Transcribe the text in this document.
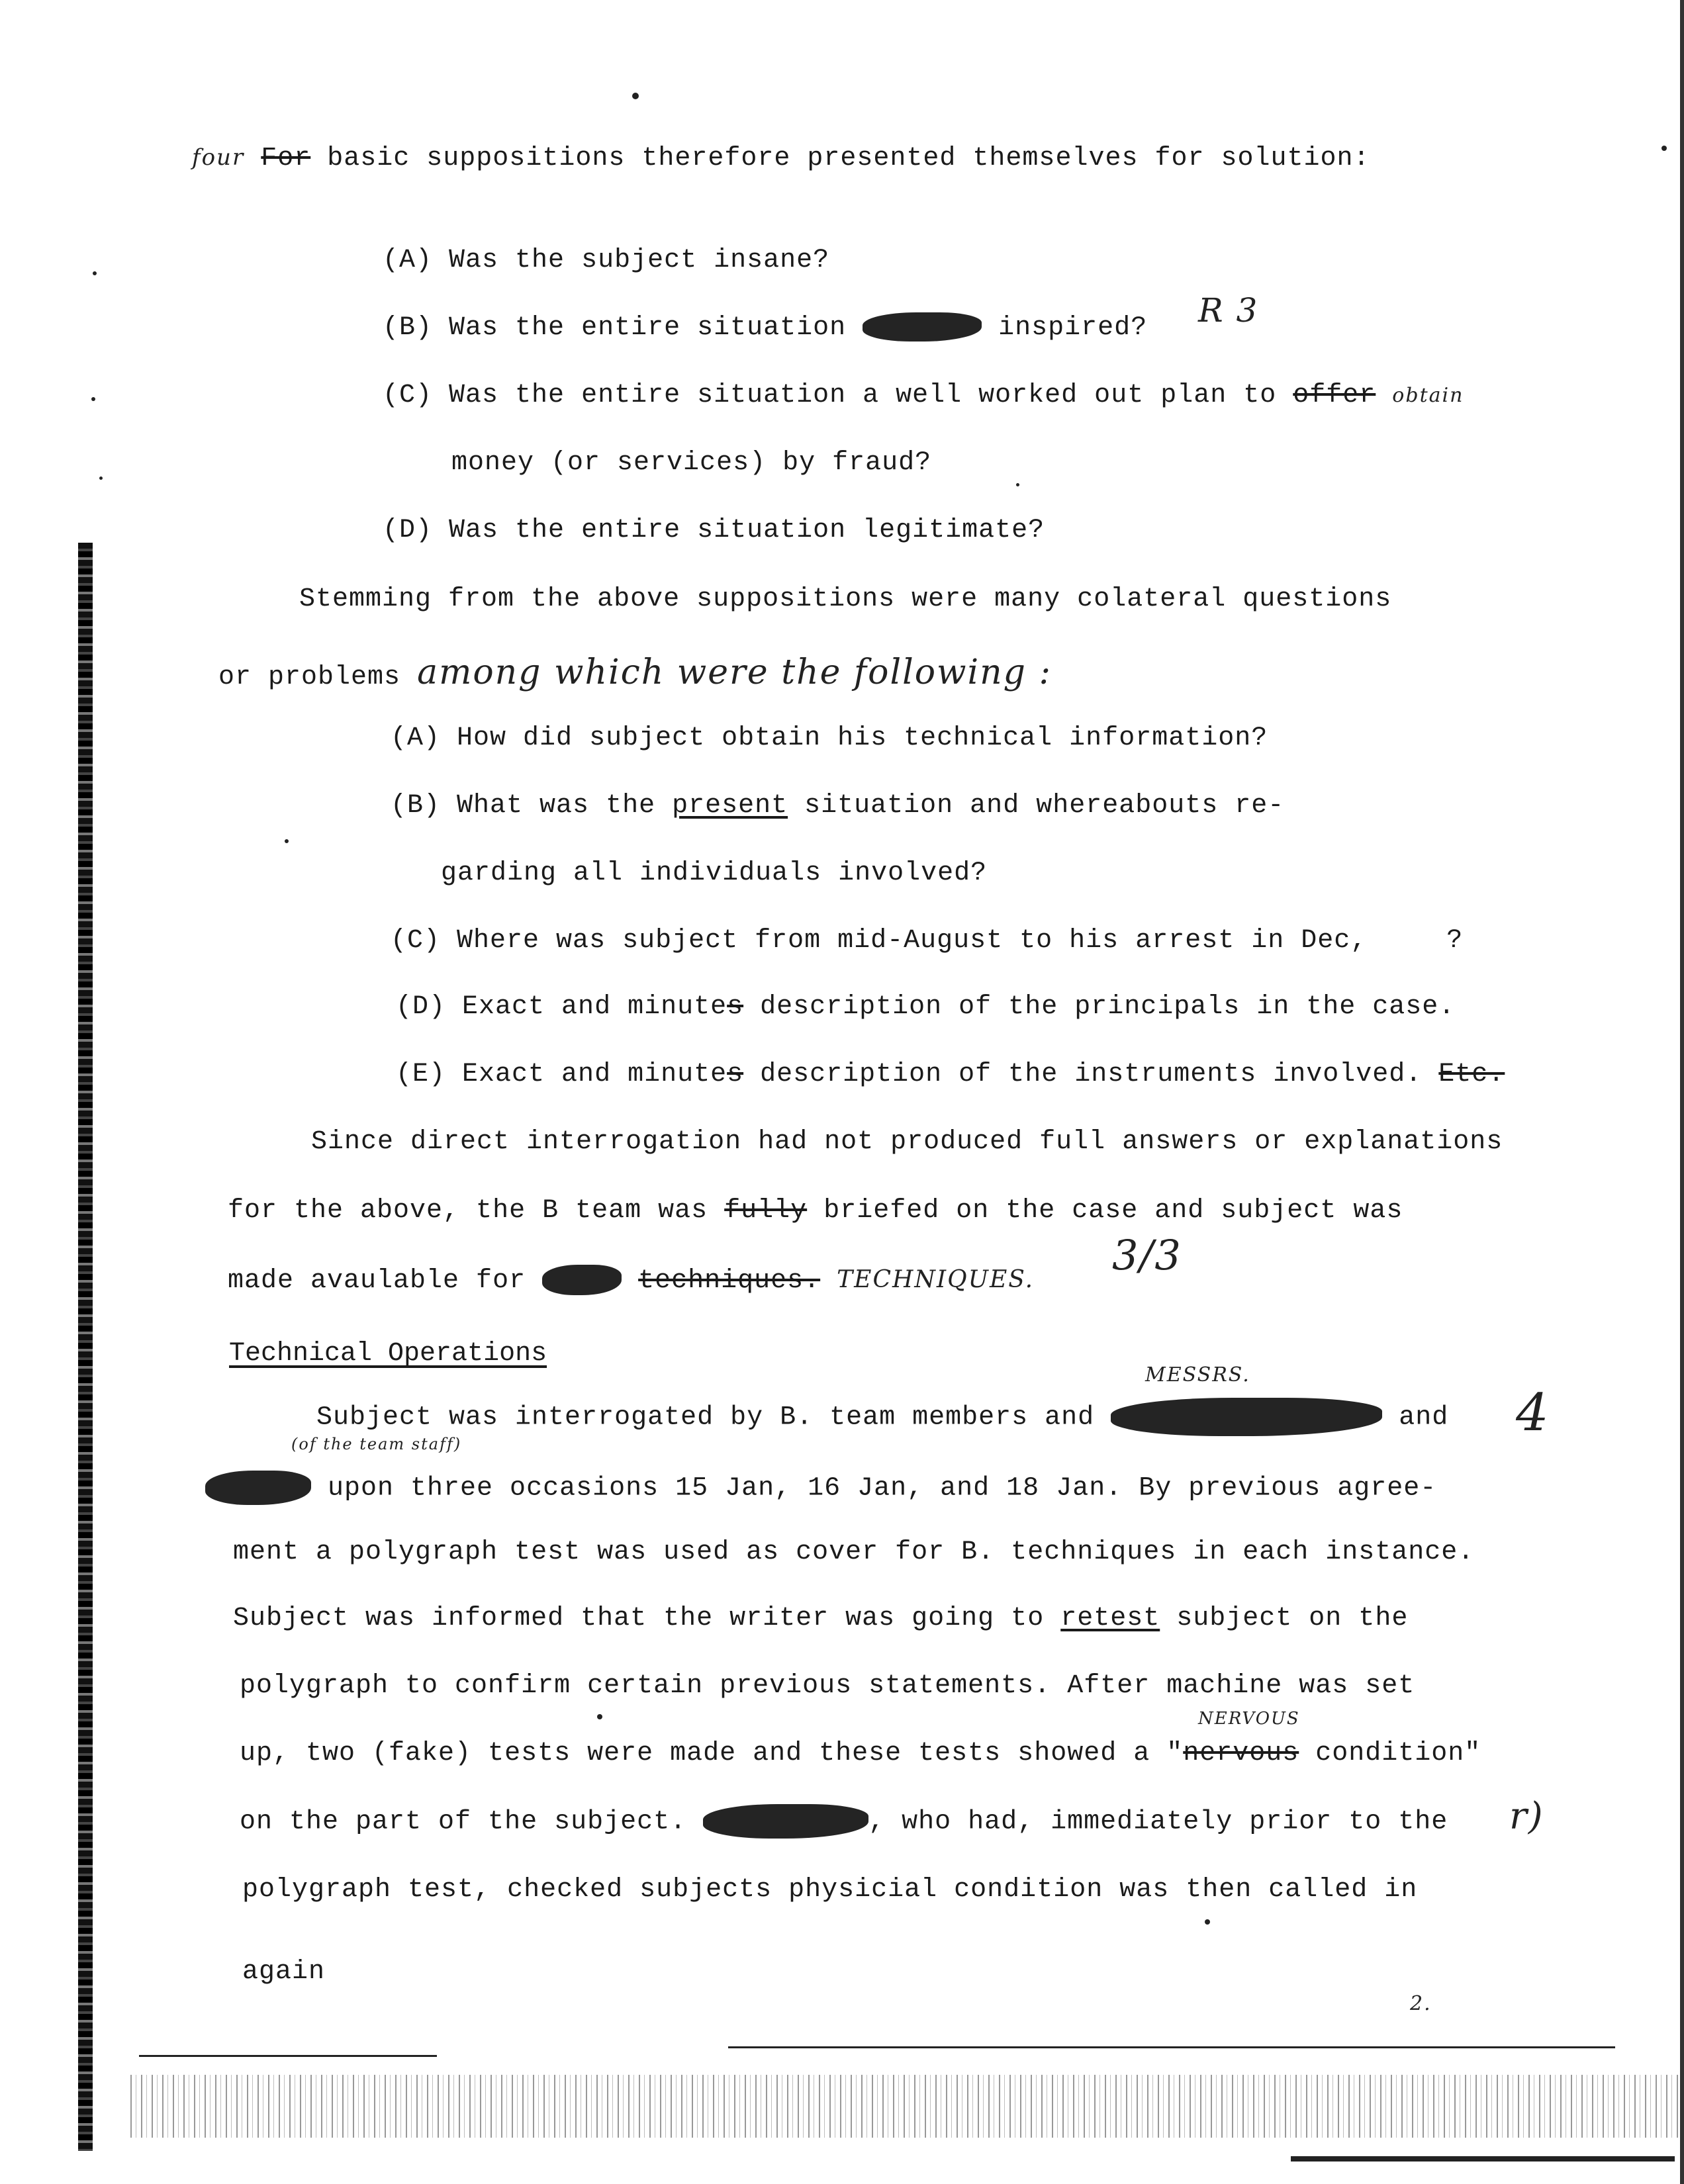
four For basic suppositions therefore presented themselves for solution:
(A) Was the subject insane?
(B) Was the entire situation	inspired? R 3
(C) Was the entire situation a well worked out plan to offer obtain
money (or services) by fraud?
(D) Was the entire situation legitimate?
Stemming from the above suppositions were many colateral questions
or problems among which were the following :
(A) How did subject obtain his technical information?
(B) What was the present situation and whereabouts re-
garding all individuals involved?
(C) Where was subject from mid-August to his arrest in Dec,	?
(D) Exact and minutes description of the principals in the case.
(E) Exact and minutes description of the instruments involved. Etc.
Since direct interrogation had not produced full answers or explanations
for the above, the B team was fully briefed on the case and subject was
made avaulable for	techniques. TECHNIQUES.
3/3
Technical Operations
MESSRS.
Subject was interrogated by B. team members and	and
(of the team staff)
4
upon three occasions 15 Jan, 16 Jan, and 18 Jan. By previous agree-
ment a polygraph test was used as cover for B. techniques in each instance.
Subject was informed that the writer was going to retest subject on the
polygraph to confirm certain previous statements. After machine was set
NERVOUS
up, two (fake) tests were made and these tests showed a "nervous condition"
on the part of the subject.	, who had, immediately prior to the r)
polygraph test, checked subjects physicial condition was then called in
again
2.
